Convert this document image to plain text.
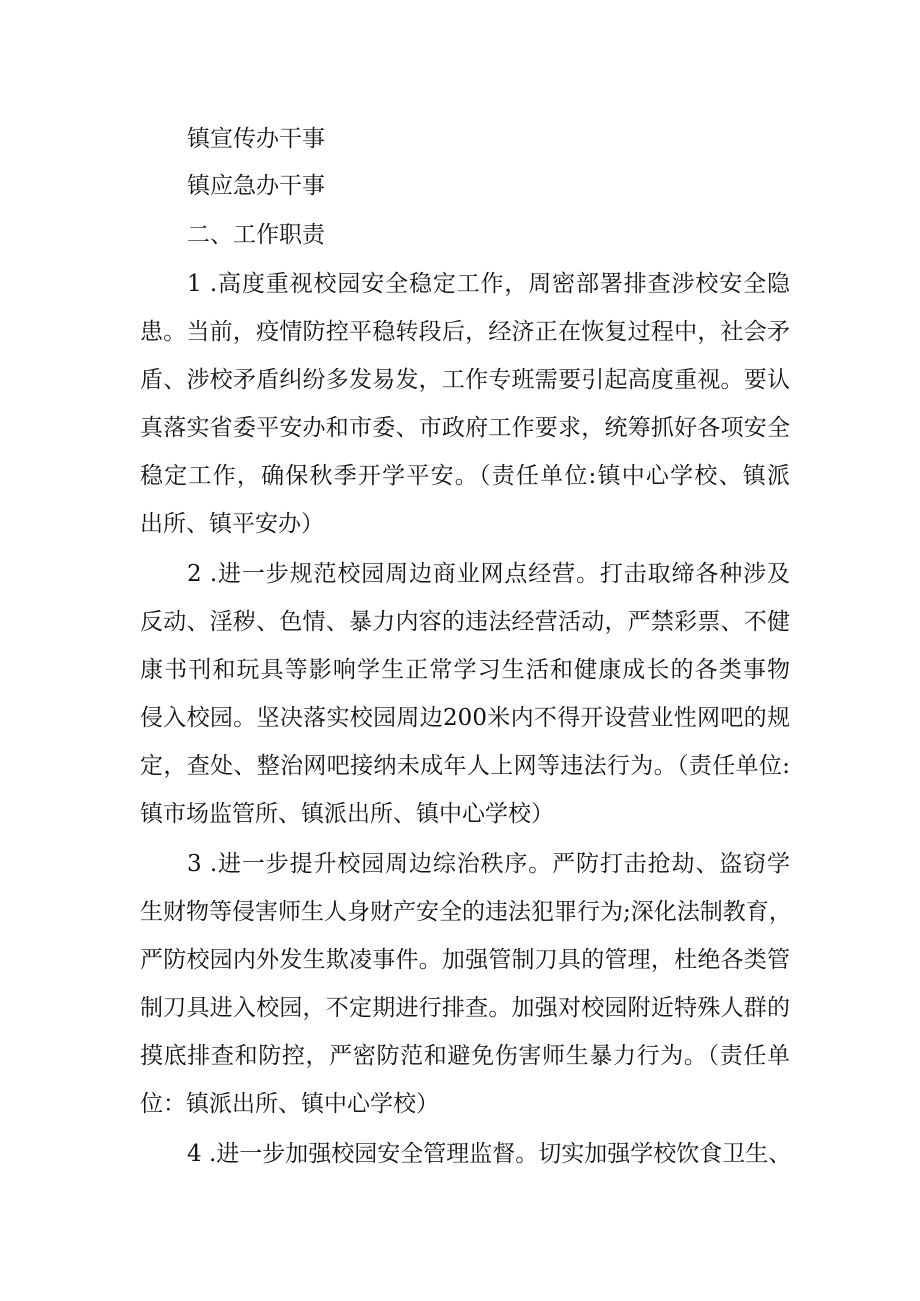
镇宣传办干事
镇应急办干事
二、工作职责
1 .高度重视校园安全稳定工作，周密部署排查涉校安全隐
患。当前，疫情防控平稳转段后，经济正在恢复过程中，社会矛
盾、涉校矛盾纠纷多发易发，工作专班需要引起高度重视。要认
真落实省委平安办和市委、市政府工作要求，统筹抓好各项安全
稳定工作，确保秋季开学平安。（责任单位:镇中心学校、镇派
出所、镇平安办）
2 .进一步规范校园周边商业网点经营。打击取缔各种涉及
反动、淫秽、色情、暴力内容的违法经营活动，严禁彩票、不健
康书刊和玩具等影响学生正常学习生活和健康成长的各类事物
侵入校园。坚决落实校园周边200米内不得开设营业性网吧的规
定，查处、整治网吧接纳未成年人上网等违法行为。（责任单位:
镇市场监管所、镇派出所、镇中心学校）
3 .进一步提升校园周边综治秩序。严防打击抢劫、盗窃学
生财物等侵害师生人身财产安全的违法犯罪行为;深化法制教育，
严防校园内外发生欺凌事件。加强管制刀具的管理，杜绝各类管
制刀具进入校园，不定期进行排查。加强对校园附近特殊人群的
摸底排查和防控，严密防范和避免伤害师生暴力行为。（责任单
位：镇派出所、镇中心学校）
4 .进一步加强校园安全管理监督。切实加强学校饮食卫生、
